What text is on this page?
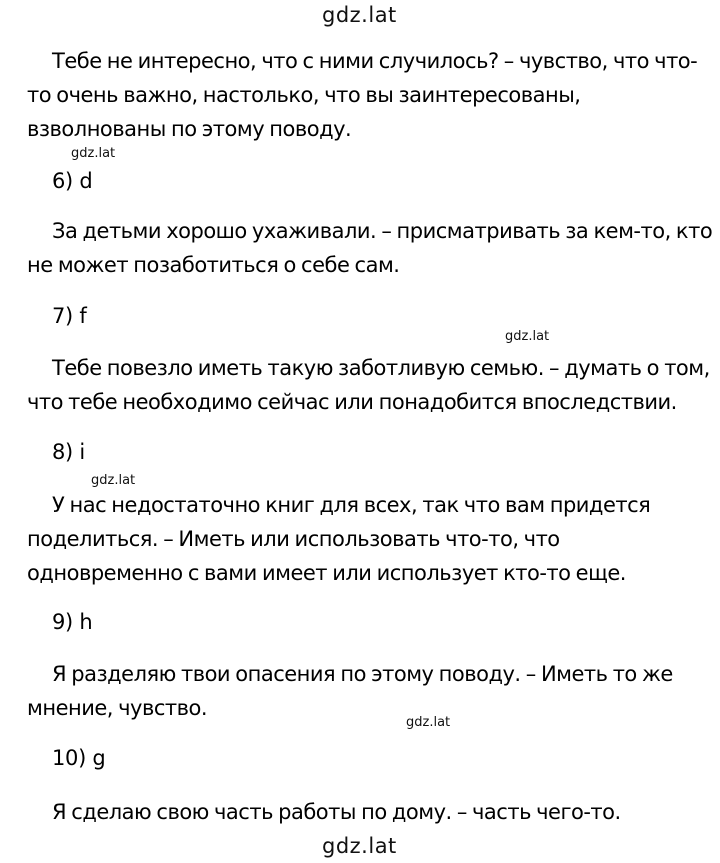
gdz.lat
Тебе не интересно, что с ними случилось? – чувство, что что-
то очень важно, настолько, что вы заинтересованы,
взволнованы по этому поводу.
gdz.lat
6) d
За детьми хорошо ухаживали. – присматривать за кем-то, кто
не может позаботиться о себе сам.
7) f
gdz.lat
Тебе повезло иметь такую заботливую семью. – думать о том,
что тебе необходимо сейчас или понадобится впоследствии.
8) i
gdz.lat
У нас недостаточно книг для всех, так что вам придется
поделиться. – Иметь или использовать что-то, что
одновременно с вами имеет или использует кто-то еще.
9) h
Я разделяю твои опасения по этому поводу. – Иметь то же
мнение, чувство.
gdz.lat
10) g
Я сделаю свою часть работы по дому. – часть чего-то.
gdz.lat
